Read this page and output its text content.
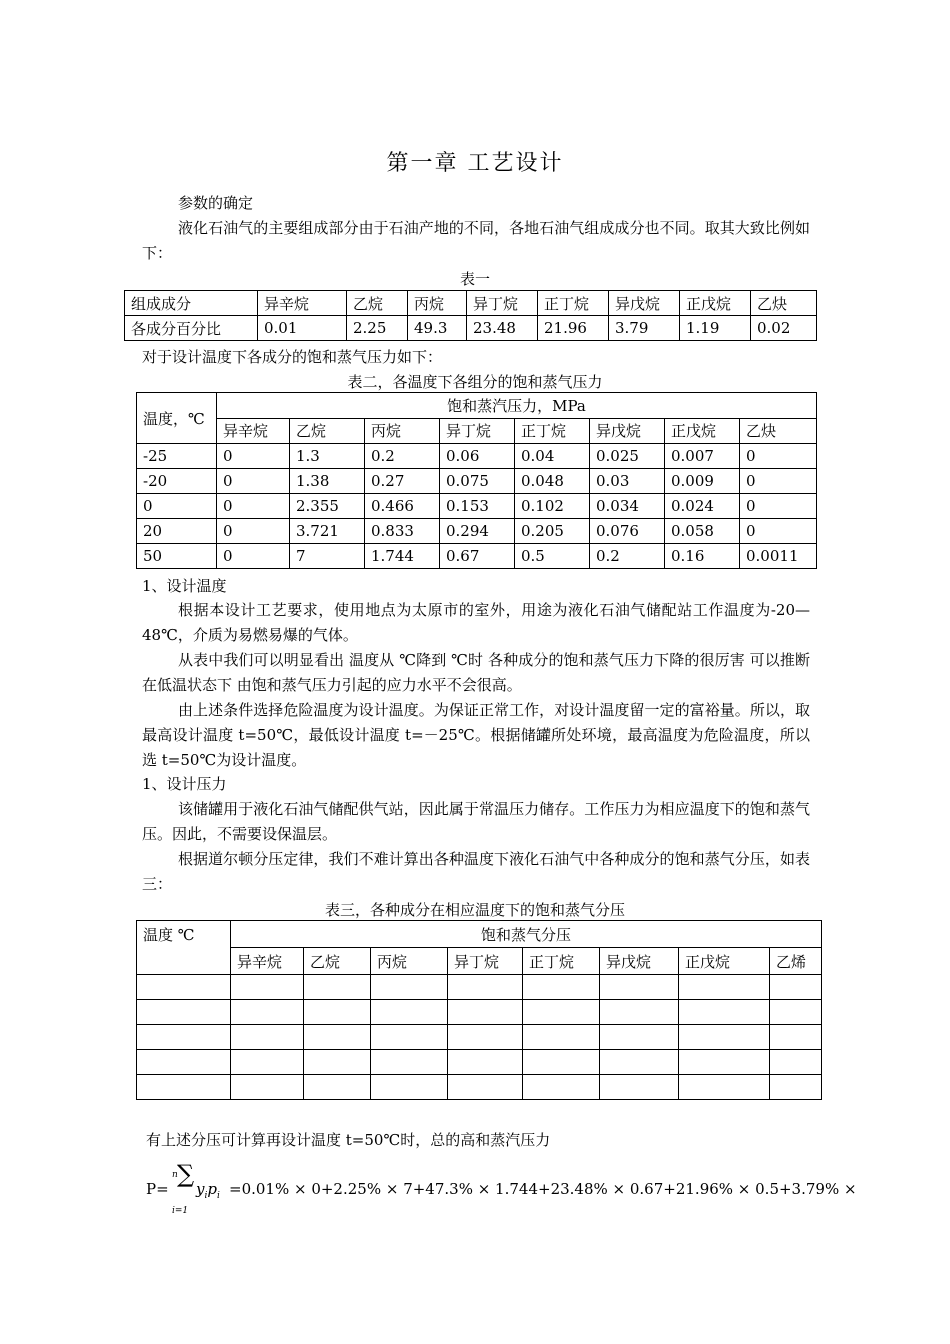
第一章 工艺设计
参数的确定
液化石油气的主要组成部分由于石油产地的不同，各地石油气组成成分也不同。取其大致比例如下：
表一
组成成分	异辛烷	乙烷	丙烷	异丁烷	正丁烷	异戊烷	正戊烷	乙炔
各成分百分比	0.01	2.25	49.3	23.48	21.96	3.79	1.19	0.02
对于设计温度下各成分的饱和蒸气压力如下：
表二，各温度下各组分的饱和蒸气压力
温度，℃	饱和蒸汽压力，MPa							
	异辛烷	乙烷	丙烷	异丁烷	正丁烷	异戊烷	正戊烷	乙炔
-25	0	1.3	0.2	0.06	0.04	0.025	0.007	0
-20	0	1.38	0.27	0.075	0.048	0.03	0.009	0
0	0	2.355	0.466	0.153	0.102	0.034	0.024	0
20	0	3.721	0.833	0.294	0.205	0.076	0.058	0
50	0	7	1.744	0.67	0.5	0.2	0.16	0.0011
1、设计温度
根据本设计工艺要求，使用地点为太原市的室外，用途为液化石油气储配站工作温度为-20—48℃，介质为易燃易爆的气体。
从表中我们可以明显看出 温度从 ℃降到 ℃时 各种成分的饱和蒸气压力下降的很厉害 可以推断 在低温状态下 由饱和蒸气压力引起的应力水平不会很高。
由上述条件选择危险温度为设计温度。为保证正常工作，对设计温度留一定的富裕量。所以，取最高设计温度 t=50℃，最低设计温度 t=－25℃。根据储罐所处环境，最高温度为危险温度，所以选 t=50℃为设计温度。
1、设计压力
该储罐用于液化石油气储配供气站，因此属于常温压力储存。工作压力为相应温度下的饱和蒸气压。因此，不需要设保温层。
根据道尔顿分压定律，我们不难计算出各种温度下液化石油气中各种成分的饱和蒸气分压，如表三：
表三，各种成分在相应温度下的饱和蒸气分压
温度 ℃	饱和蒸气分压							
	异辛烷	乙烷	丙烷	异丁烷	正丁烷	异戊烷	正戊烷	乙烯

有上述分压可计算再设计温度 t=50℃时，总的高和蒸汽压力
P=
n ∑
i=1
$y_ip_i =0.01\% \times 0+2.25\% \times 7+47.3\% \times 1.744+23.48\% \times 0.67+21.96\% \times 0.5+3.79\%$ ×
